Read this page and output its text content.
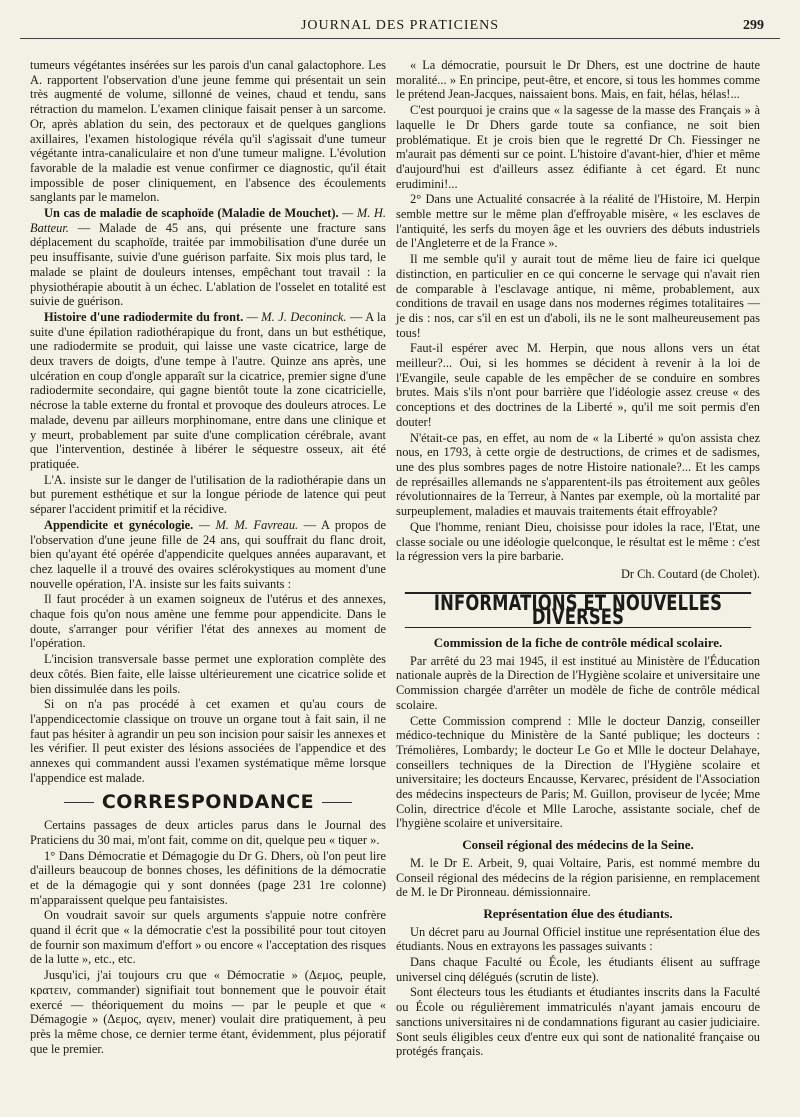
JOURNAL DES PRATICIENS	299

tumeurs végétantes insérées sur les parois d'un canal galactophore. Les A. rapportent l'observation d'une jeune femme qui présentait un sein très augmenté de volume, sillonné de veines, chaud et tendu, sans rétraction du mamelon. L'examen clinique faisait penser à un sarcome. Or, après ablation du sein, des pectoraux et de quelques ganglions axillaires, l'examen histologique révéla qu'il s'agissait d'une tumeur végétante intra-canaliculaire et non d'une tumeur maligne. L'évolution favorable de la maladie est venue confirmer ce diagnostic, qu'il était impossible de poser cliniquement, en l'absence des écoulements sanglants par le mamelon.

Un cas de maladie de scaphoïde (Maladie de Mouchet). — M. H. Batteur. — Malade de 45 ans, qui présente une fracture sans déplacement du scaphoïde, traitée par immobilisation d'une durée un peu insuffisante, suivie d'une guérison parfaite. Six mois plus tard, le malade se plaint de douleurs intenses, empêchant tout travail : la physiothérapie aboutit à un échec. L'ablation de l'osselet en totalité est suivie de guérison.

Histoire d'une radiodermite du front. — M. J. Deconinck. — A la suite d'une épilation radiothérapique du front, dans un but esthétique, une radiodermite se produit, qui laisse une vaste cicatrice, large de deux travers de doigts, d'une tempe à l'autre. Quinze ans après, une ulcération en coup d'ongle apparaît sur la cicatrice, premier signe d'une radiodermite secondaire, qui gagne bientôt toute la zone cicatricielle, nécrose la table externe du frontal et provoque des douleurs atroces. Le malade, devenu par ailleurs morphinomane, entre dans une clinique et y meurt, probablement par suite d'une complication cérébrale, avant que l'intervention, destinée à libérer le séquestre osseux, ait été pratiquée.

L'A. insiste sur le danger de l'utilisation de la radiothérapie dans un but purement esthétique et sur la longue période de latence qui peut séparer l'accident primitif et la récidive.

Appendicite et gynécologie. — M. M. Favreau. — A propos de l'observation d'une jeune fille de 24 ans, qui souffrait du flanc droit, bien qu'ayant été opérée d'appendicite quelques années auparavant, et chez laquelle il a trouvé des ovaires sclérokystiques au moment d'une nouvelle opération, l'A. insiste sur les faits suivants :

Il faut procéder à un examen soigneux de l'utérus et des annexes, chaque fois qu'on nous amène une femme pour appendicite. Dans le doute, s'arranger pour vérifier l'état des annexes au moment de l'opération.

L'incision transversale basse permet une exploration complète des deux côtés. Bien faite, elle laisse ultérieurement une cicatrice solide et bien dissimulée dans les poils.

Si on n'a pas procédé à cet examen et qu'au cours de l'appendicectomie classique on trouve un organe tout à fait sain, il ne faut pas hésiter à agrandir un peu son incision pour saisir les annexes et les vérifier. Il peut exister des lésions associées de l'appendice et des annexes qui commandent aussi l'examen systématique même lorsque l'appendice est malade.

CORRESPONDANCE

Certains passages de deux articles parus dans le Journal des Praticiens du 30 mai, m'ont fait, comme on dit, quelque peu « tiquer ».

1° Dans Démocratie et Démagogie du Dr G. Dhers, où l'on peut lire d'ailleurs beaucoup de bonnes choses, les définitions de la démocratie et de la démagogie qui y sont données (page 231 1re colonne) m'apparaissent quelque peu fantaisistes.

On voudrait savoir sur quels arguments s'appuie notre confrère quand il écrit que « la démocratie c'est la possibilité pour tout citoyen de fournir son maximum d'effort » ou encore « l'acceptation des risques de la lutte », etc., etc.

Jusqu'ici, j'ai toujours cru que « Démocratie » (Δεμος, peuple, κρατειν, commander) signifiait tout bonnement que le pouvoir était exercé — théoriquement du moins — par le peuple et que « Démagogie » (Δεμος, αγειν, mener) voulait dire pratiquement, à peu près la même chose, ce dernier terme étant, évidemment, plus péjoratif que le premier.

« La démocratie, poursuit le Dr Dhers, est une doctrine de haute moralité... » En principe, peut-être, et encore, si tous les hommes comme le prétend Jean-Jacques, naissaient bons. Mais, en fait, hélas, hélas!...

C'est pourquoi je crains que « la sagesse de la masse des Français » à laquelle le Dr Dhers garde toute sa confiance, ne soit bien problématique. Et je crois bien que le regretté Dr Ch. Fiessinger ne m'aurait pas démenti sur ce point. L'histoire d'avant-hier, d'hier et même d'aujourd'hui est d'ailleurs assez édifiante à cet égard. Et nunc erudimini!...

2° Dans une Actualité consacrée à la réalité de l'Histoire, M. Herpin semble mettre sur le même plan d'effroyable misère, « les esclaves de l'antiquité, les serfs du moyen âge et les ouvriers des débuts industriels de l'Angleterre et de la France ».

Il me semble qu'il y aurait tout de même lieu de faire ici quelque distinction, en particulier en ce qui concerne le servage qui n'avait rien de comparable à l'esclavage antique, ni même, probablement, aux conditions de travail en usage dans nos modernes régimes totalitaires — je dis : nos, car s'il en est un d'aboli, ils ne le sont malheureusement pas tous!

Faut-il espérer avec M. Herpin, que nous allons vers un état meilleur?... Oui, si les hommes se décident à revenir à la loi de l'Evangile, seule capable de les empêcher de se conduire en sombres brutes. Mais s'ils n'ont pour barrière que l'idéologie assez creuse « des conceptions et des doctrines de la Liberté », qu'il me soit permis d'en douter!

N'était-ce pas, en effet, au nom de « la Liberté » qu'on assista chez nous, en 1793, à cette orgie de destructions, de crimes et de sadismes, une des plus sombres pages de notre Histoire nationale?... Et les camps de représailles allemands ne s'apparentent-ils pas étroitement aux geôles révolutionnaires de la Terreur, à Nantes par exemple, où la mortalité par surpeuplement, maladies et mauvais traitements était effroyable?

Que l'homme, reniant Dieu, choisisse pour idoles la race, l'Etat, une classe sociale ou une idéologie quelconque, le résultat est le même : c'est la régression vers la pire barbarie.

Dr Ch. Coutard (de Cholet).
INFORMATIONS ET NOUVELLES DIVERSES
Commission de la fiche de contrôle médical scolaire.

Par arrêté du 23 mai 1945, il est institué au Ministère de l'Éducation nationale auprès de la Direction de l'Hygiène scolaire et universitaire une Commission chargée d'arrêter un modèle de fiche de contrôle médical scolaire.

Cette Commission comprend : Mlle le docteur Danzig, conseiller médico-technique du Ministère de la Santé publique; les docteurs : Trémolières, Lombardy; le docteur Le Go et Mlle le docteur Delahaye, conseillers techniques de la Direction de l'Hygiène scolaire et universitaire; les docteurs Encausse, Kervarec, président de l'Association des médecins inspecteurs de Paris; M. Guillon, proviseur de lycée; Mme Colin, directrice d'école et Mlle Laroche, assistante sociale, chef de l'hygiène scolaire et universitaire.

Conseil régional des médecins de la Seine.

M. le Dr E. Arbeit, 9, quai Voltaire, Paris, est nommé membre du Conseil régional des médecins de la région parisienne, en remplacement de M. le Dr Pironneau. démissionnaire.

Représentation élue des étudiants.

Un décret paru au Journal Officiel institue une représentation élue des étudiants. Nous en extrayons les passages suivants :

Dans chaque Faculté ou École, les étudiants élisent au suffrage universel cinq délégués (scrutin de liste).

Sont électeurs tous les étudiants et étudiantes inscrits dans la Faculté ou École ou régulièrement immatriculés n'ayant jamais encouru de sanctions universitaires ni de condamnations figurant au casier judiciaire. Sont seuls éligibles ceux d'entre eux qui sont de nationalité française ou protégés français.
